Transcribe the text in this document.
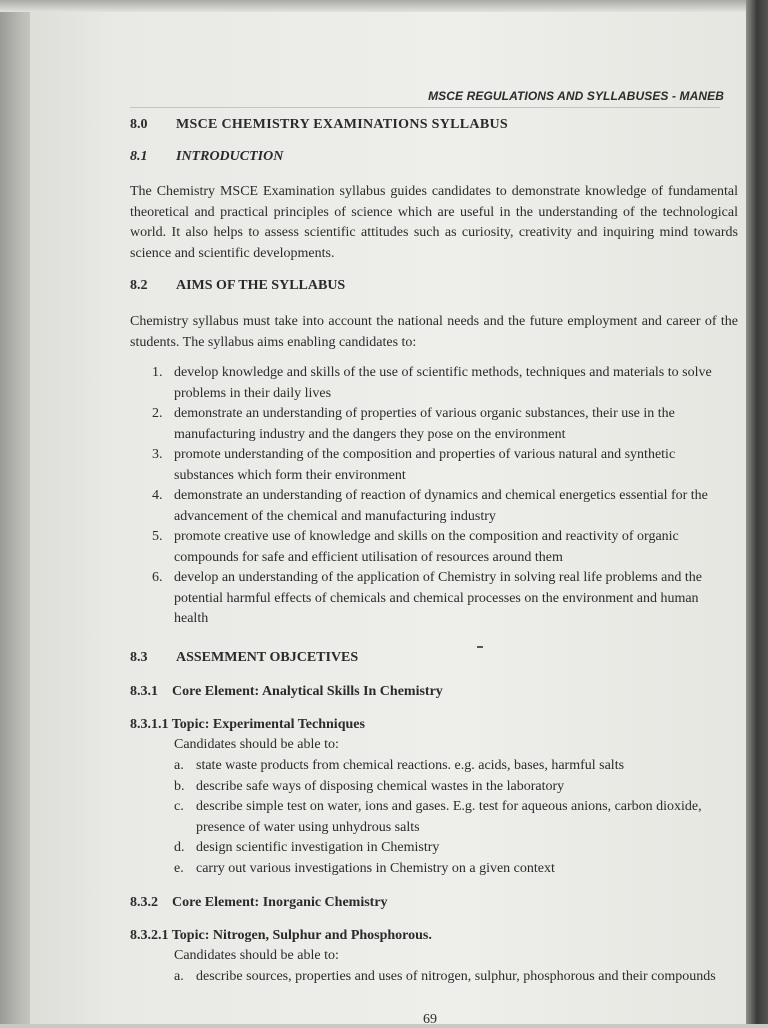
MSCE REGULATIONS AND SYLLABUSES - MANEB
8.0 MSCE CHEMISTRY EXAMINATIONS SYLLABUS
8.1 INTRODUCTION
The Chemistry MSCE Examination syllabus guides candidates to demonstrate knowledge of fundamental theoretical and practical principles of science which are useful in the understanding of the technological world. It also helps to assess scientific attitudes such as curiosity, creativity and inquiring mind towards science and scientific developments.
8.2 AIMS OF THE SYLLABUS
Chemistry syllabus must take into account the national needs and the future employment and career of the students. The syllabus aims enabling candidates to:
1. develop knowledge and skills of the use of scientific methods, techniques and materials to solve problems in their daily lives
2. demonstrate an understanding of properties of various organic substances, their use in the manufacturing industry and the dangers they pose on the environment
3. promote understanding of the composition and properties of various natural and synthetic substances which form their environment
4. demonstrate an understanding of reaction of dynamics and chemical energetics essential for the advancement of the chemical and manufacturing industry
5. promote creative use of knowledge and skills on the composition and reactivity of organic compounds for safe and efficient utilisation of resources around them
6. develop an understanding of the application of Chemistry in solving real life problems and the potential harmful effects of chemicals and chemical processes on the environment and human health
8.3 ASSEMMENT OBJCETIVES
8.3.1 Core Element: Analytical Skills In Chemistry
8.3.1.1 Topic: Experimental Techniques
Candidates should be able to:
a. state waste products from chemical reactions. e.g. acids, bases, harmful salts
b. describe safe ways of disposing chemical wastes in the laboratory
c. describe simple test on water, ions and gases. E.g. test for aqueous anions, carbon dioxide, presence of water using unhydrous salts
d. design scientific investigation in Chemistry
e. carry out various investigations in Chemistry on a given context
8.3.2 Core Element: Inorganic Chemistry
8.3.2.1 Topic: Nitrogen, Sulphur and Phosphorous.
Candidates should be able to:
a. describe sources, properties and uses of nitrogen, sulphur, phosphorous and their compounds
69
